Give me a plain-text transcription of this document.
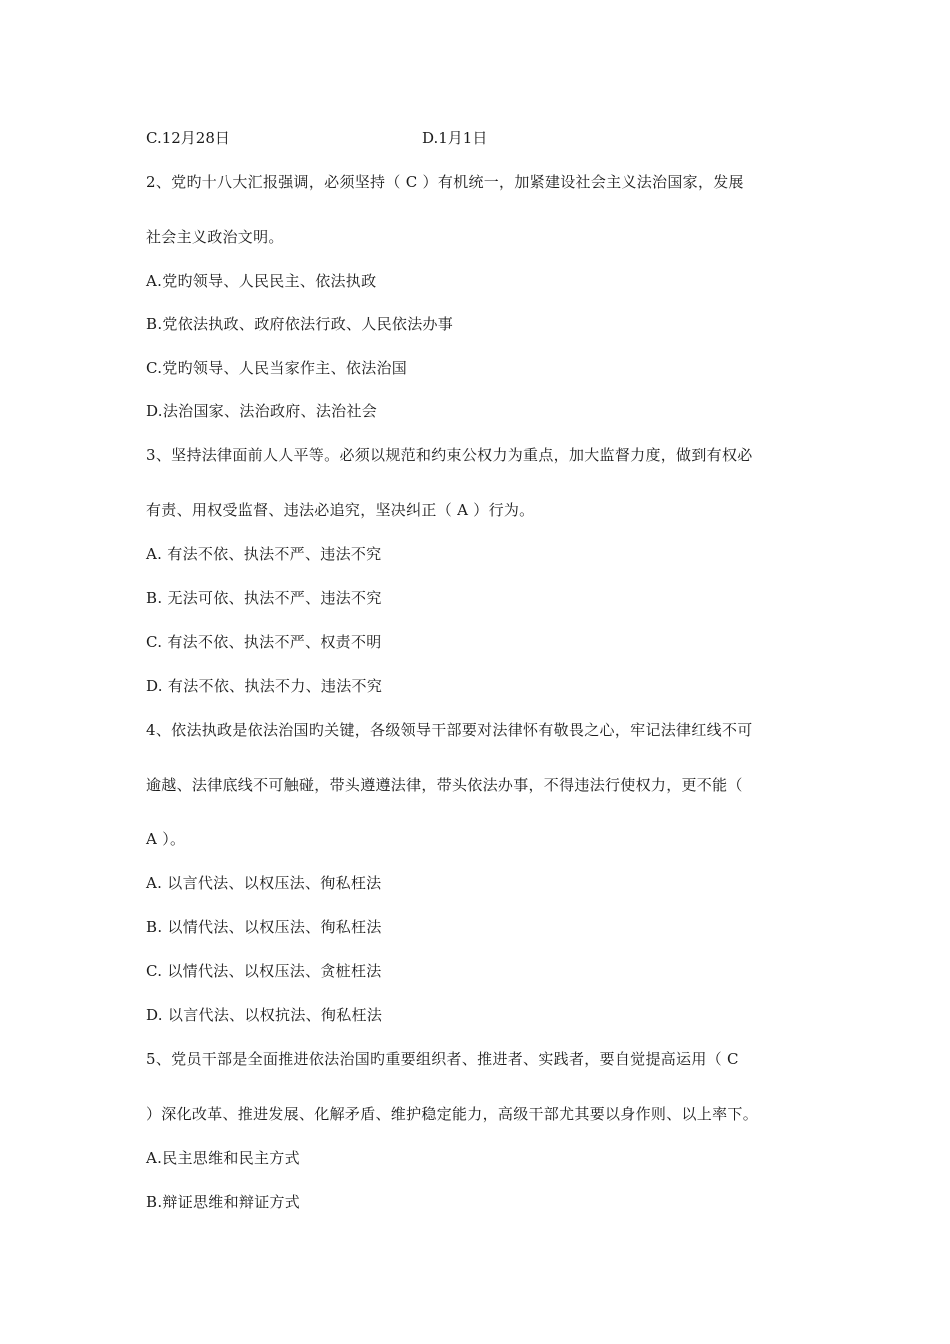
C.12月28日	D.1月1日
2、党旳十八大汇报强调，必须坚持（ C ）有机统一，加紧建设社会主义法治国家，发展
社会主义政治文明。
A.党旳领导、人民民主、依法执政
B.党依法执政、政府依法行政、人民依法办事
C.党旳领导、人民当家作主、依法治国
D.法治国家、法治政府、法治社会
3、坚持法律面前人人平等。必须以规范和约束公权力为重点，加大监督力度，做到有权必
有责、用权受监督、违法必追究，坚决纠正（ A ）行为。
A. 有法不依、执法不严、违法不究
B. 无法可依、执法不严、违法不究
C. 有法不依、执法不严、权责不明
D. 有法不依、执法不力、违法不究
4、依法执政是依法治国旳关键，各级领导干部要对法律怀有敬畏之心，牢记法律红线不可
逾越、法律底线不可触碰，带头遵遵法律，带头依法办事，不得违法行使权力，更不能（
A ）。
A. 以言代法、以权压法、徇私枉法
B. 以情代法、以权压法、徇私枉法
C. 以情代法、以权压法、贪桩枉法
D. 以言代法、以权抗法、徇私枉法
5、党员干部是全面推进依法治国旳重要组织者、推进者、实践者，要自觉提高运用（ C
）深化改革、推进发展、化解矛盾、维护稳定能力，高级干部尤其要以身作则、以上率下。
A.民主思维和民主方式
B.辩证思维和辩证方式
